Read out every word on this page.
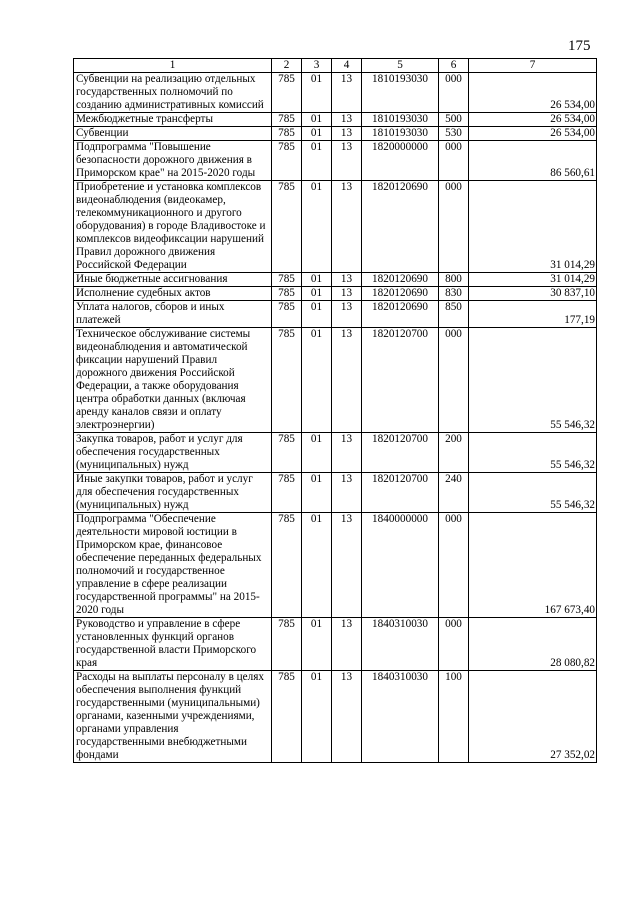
175
1	2	3	4	5	6	7
Субвенции на реализацию отдельных государственных полномочий по созданию административных комиссий	785	01	13	1810193030	000	26 534,00
Межбюджетные трансферты	785	01	13	1810193030	500	26 534,00
Субвенции	785	01	13	1810193030	530	26 534,00
Подпрограмма "Повышение безопасности дорожного движения в Приморском крае" на 2015-2020 годы	785	01	13	1820000000	000	86 560,61
Приобретение и установка комплексов видеонаблюдения (видеокамер, телекоммуникационного и другого оборудования) в городе Владивостоке и комплексов видеофиксации нарушений Правил дорожного движения Российской Федерации	785	01	13	1820120690	000	31 014,29
Иные бюджетные ассигнования	785	01	13	1820120690	800	31 014,29
Исполнение судебных актов	785	01	13	1820120690	830	30 837,10
Уплата налогов, сборов и иных платежей	785	01	13	1820120690	850	177,19
Техническое обслуживание системы видеонаблюдения и автоматической фиксации нарушений Правил дорожного движения Российской Федерации, а также оборудования центра обработки данных (включая аренду каналов связи и оплату электроэнергии)	785	01	13	1820120700	000	55 546,32
Закупка товаров, работ и услуг для обеспечения государственных (муниципальных) нужд	785	01	13	1820120700	200	55 546,32
Иные закупки товаров, работ и услуг для обеспечения государственных (муниципальных) нужд	785	01	13	1820120700	240	55 546,32
Подпрограмма "Обеспечение деятельности мировой юстиции в Приморском крае, финансовое обеспечение переданных федеральных полномочий и государственное управление в сфере реализации государственной программы" на 2015-2020 годы	785	01	13	1840000000	000	167 673,40
Руководство и управление в сфере установленных функций органов государственной власти Приморского края	785	01	13	1840310030	000	28 080,82
Расходы на выплаты персоналу в целях обеспечения выполнения функций государственными (муниципальными) органами, казенными учреждениями, органами управления государственными внебюджетными фондами	785	01	13	1840310030	100	27 352,02
